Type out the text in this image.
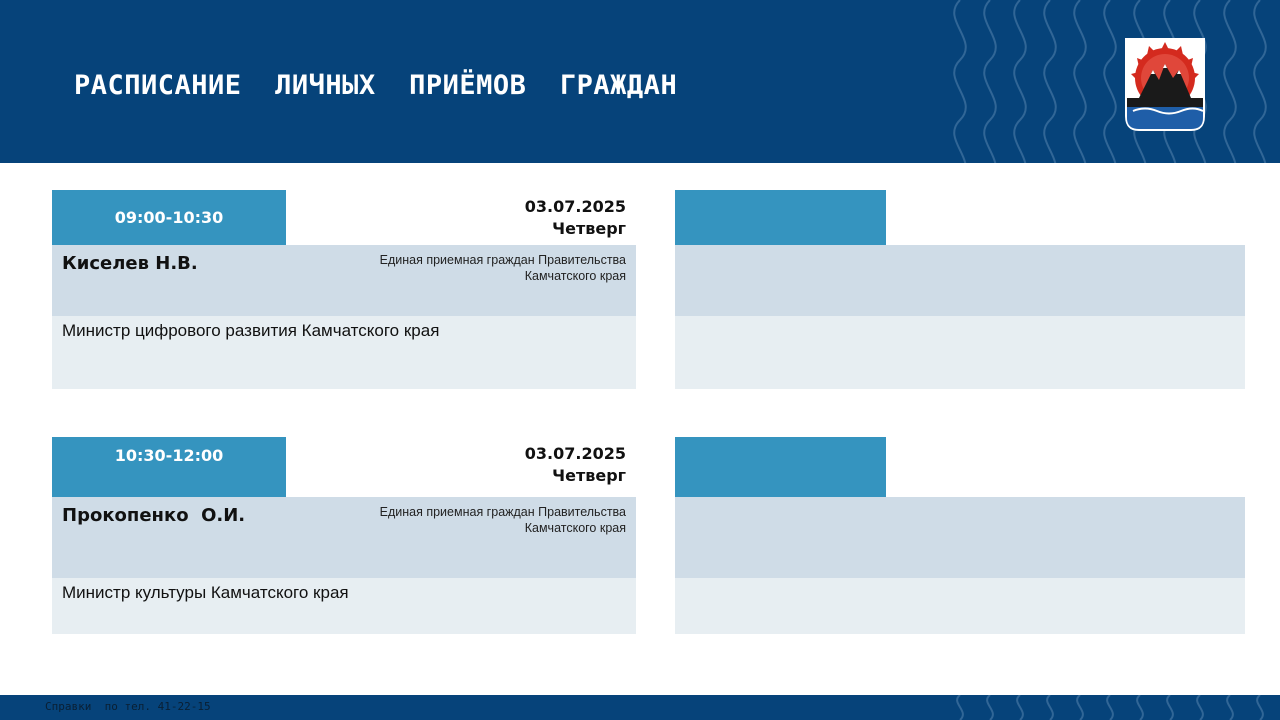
РАСПИСАНИЕ  ЛИЧНЫХ  ПРИЁМОВ  ГРАЖДАН
09:00-10:30
03.07.2025
Четверг
Киселев Н.В.	Единая приемная граждан Правительства Камчатского края
Министр цифрового развития Камчатского края
10:30-12:00	03.07.2025
Четверг
Прокопенко  О.И.	Единая приемная граждан Правительства Камчатского края
Министр культуры Камчатского края
Справки  по тел. 41-22-15
